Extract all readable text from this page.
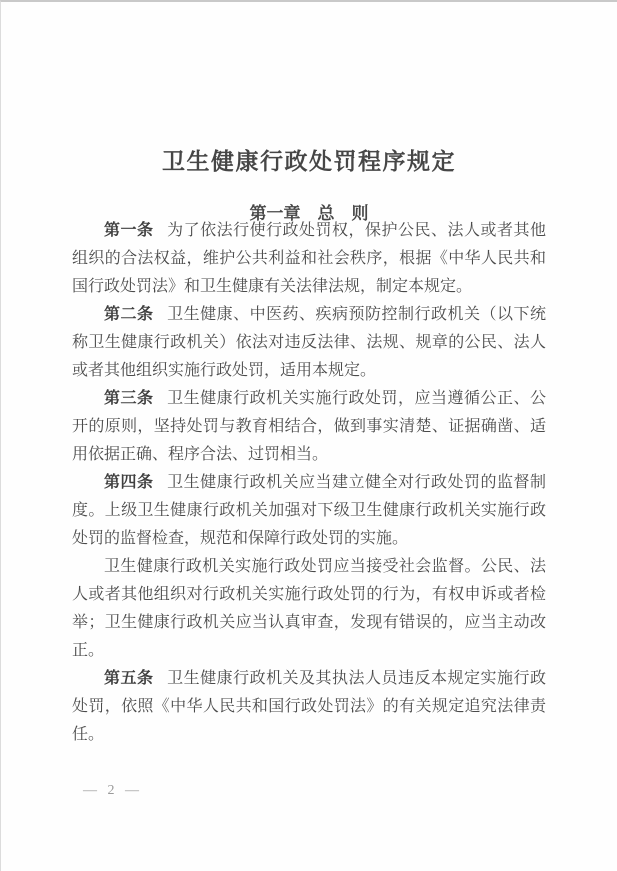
卫生健康行政处罚程序规定
第一章　总　则

第一条 为了依法行使行政处罚权，保护公民、法人或者其他组织的合法权益，维护公共利益和社会秩序，根据《中华人民共和国行政处罚法》和卫生健康有关法律法规，制定本规定。

第二条 卫生健康、中医药、疾病预防控制行政机关（以下统称卫生健康行政机关）依法对违反法律、法规、规章的公民、法人或者其他组织实施行政处罚，适用本规定。

第三条 卫生健康行政机关实施行政处罚，应当遵循公正、公开的原则，坚持处罚与教育相结合，做到事实清楚、证据确凿、适用依据正确、程序合法、过罚相当。

第四条 卫生健康行政机关应当建立健全对行政处罚的监督制度。上级卫生健康行政机关加强对下级卫生健康行政机关实施行政处罚的监督检查，规范和保障行政处罚的实施。

卫生健康行政机关实施行政处罚应当接受社会监督。公民、法人或者其他组织对行政机关实施行政处罚的行为，有权申诉或者检举；卫生健康行政机关应当认真审查，发现有错误的，应当主动改正。

第五条 卫生健康行政机关及其执法人员违反本规定实施行政处罚，依照《中华人民共和国行政处罚法》的有关规定追究法律责任。

— 2 —
